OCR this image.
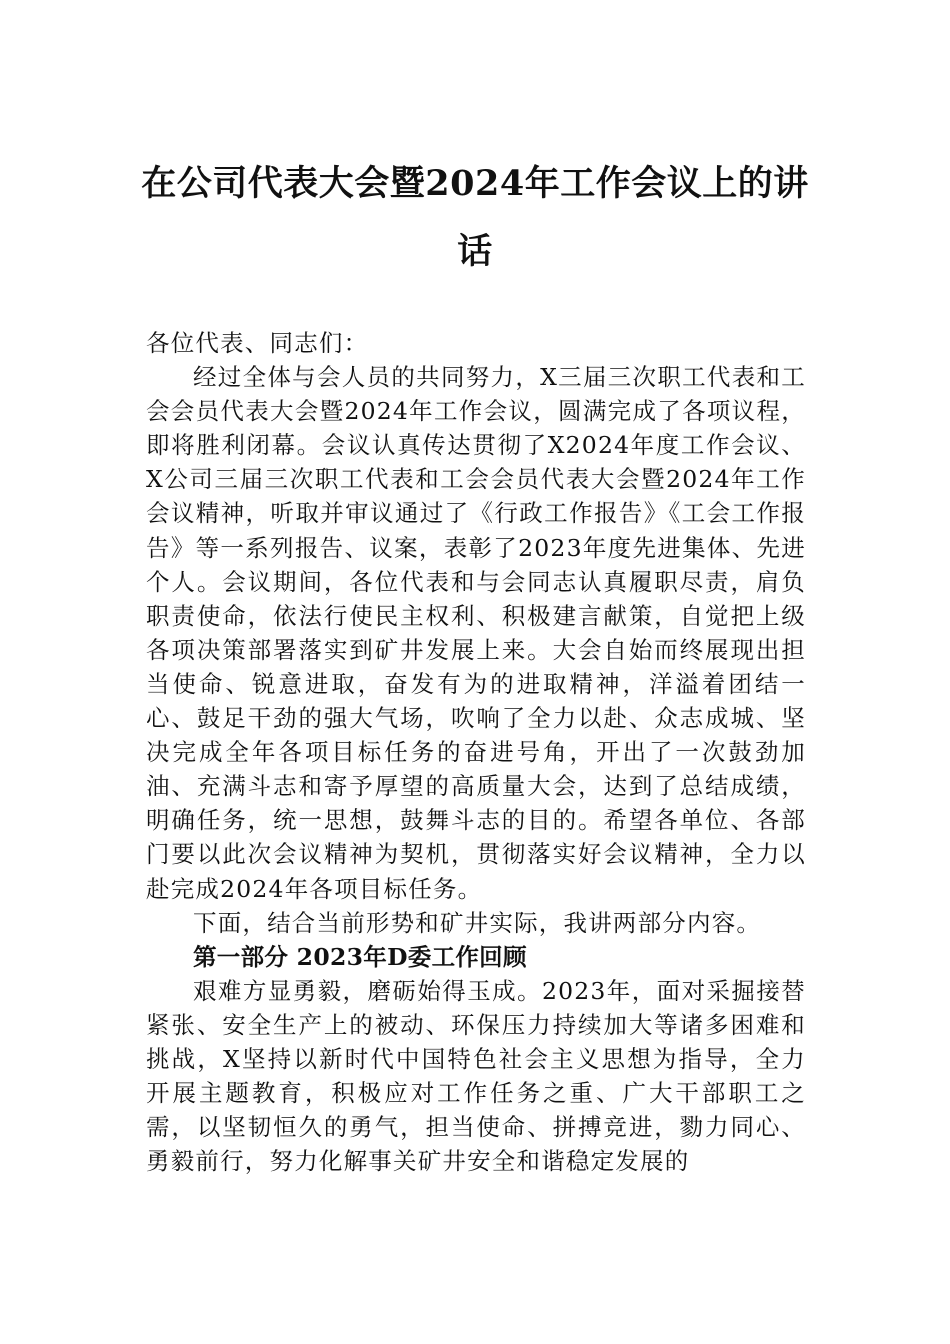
在公司代表大会暨2024年工作会议上的讲
话

各位代表、同志们：

经过全体与会人员的共同努力，X三届三次职工代表和工会会员代表大会暨2024年工作会议，圆满完成了各项议程，即将胜利闭幕。会议认真传达贯彻了X2024年度工作会议、X公司三届三次职工代表和工会会员代表大会暨2024年工作会议精神，听取并审议通过了《行政工作报告》《工会工作报告》等一系列报告、议案，表彰了2023年度先进集体、先进个人。会议期间，各位代表和与会同志认真履职尽责，肩负职责使命，依法行使民主权利、积极建言献策，自觉把上级各项决策部署落实到矿井发展上来。大会自始而终展现出担当使命、锐意进取，奋发有为的进取精神，洋溢着团结一心、鼓足干劲的强大气场，吹响了全力以赴、众志成城、坚决完成全年各项目标任务的奋进号角，开出了一次鼓劲加油、充满斗志和寄予厚望的高质量大会，达到了总结成绩，明确任务，统一思想，鼓舞斗志的目的。希望各单位、各部门要以此次会议精神为契机，贯彻落实好会议精神，全力以赴完成2024年各项目标任务。

下面，结合当前形势和矿井实际，我讲两部分内容。

第一部分 2023年D委工作回顾

艰难方显勇毅，磨砺始得玉成。2023年，面对采掘接替紧张、安全生产上的被动、环保压力持续加大等诸多困难和挑战，X坚持以新时代中国特色社会主义思想为指导，全力开展主题教育，积极应对工作任务之重、广大干部职工之需，以坚韧恒久的勇气，担当使命、拼搏竞进，勠力同心、勇毅前行，努力化解事关矿井安全和谐稳定发展的
